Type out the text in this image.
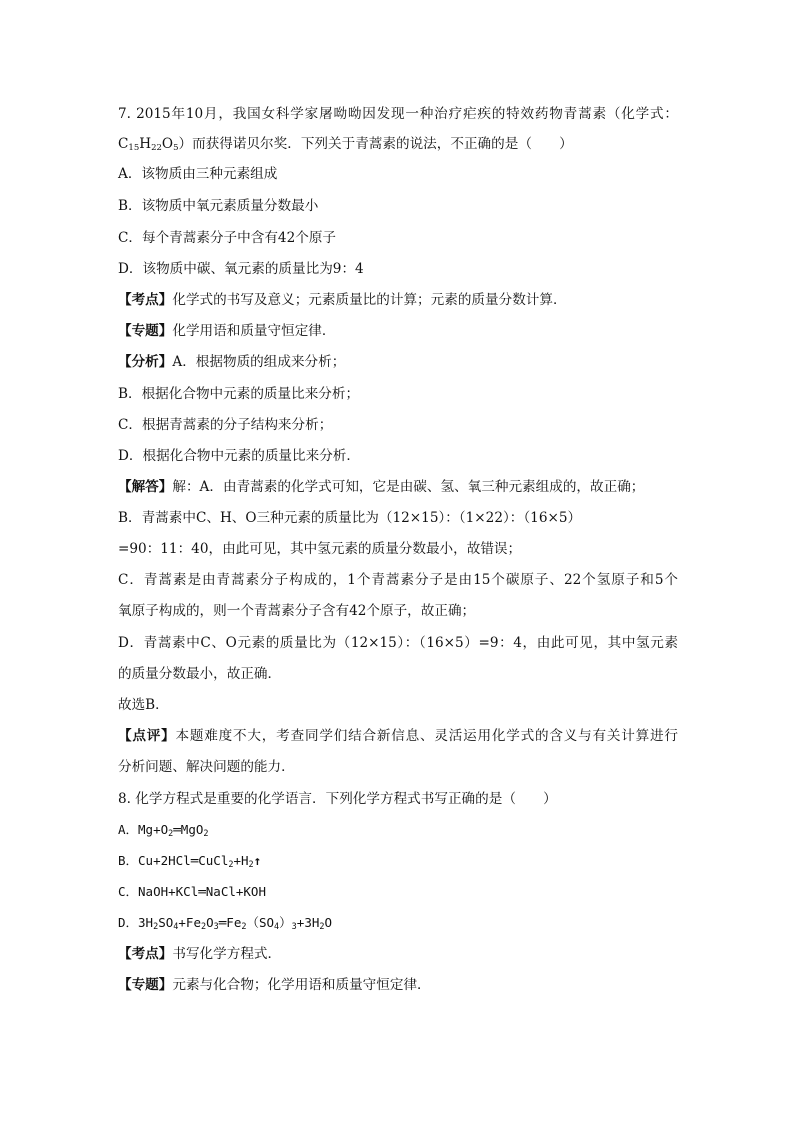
7. 2015年10月，我国女科学家屠呦呦因发现一种治疗疟疾的特效药物青蒿素（化学式：

$C_{15}H_{22}O_5$）而获得诺贝尔奖．下列关于青蒿素的说法，不正确的是（　　）

A．该物质由三种元素组成

B．该物质中氧元素质量分数最小

C．每个青蒿素分子中含有42个原子

D．该物质中碳、氧元素的质量比为9：4

【考点】化学式的书写及意义；元素质量比的计算；元素的质量分数计算．

【专题】化学用语和质量守恒定律．

【分析】A．根据物质的组成来分析；

B．根据化合物中元素的质量比来分析；

C．根据青蒿素的分子结构来分析；

D．根据化合物中元素的质量比来分析．

【解答】解：A．由青蒿素的化学式可知，它是由碳、氢、氧三种元素组成的，故正确；

B．青蒿素中C、H、O三种元素的质量比为（12×15）：（1×22）：（16×5）

=90：11：40，由此可见，其中氢元素的质量分数最小，故错误；

C．青蒿素是由青蒿素分子构成的，1个青蒿素分子是由15个碳原子、22个氢原子和5个

氧原子构成的，则一个青蒿素分子含有42个原子，故正确；

D．青蒿素中C、O元素的质量比为（12×15）：（16×5）=9：4，由此可见，其中氢元素

的质量分数最小，故正确．

故选B．

【点评】本题难度不大，考查同学们结合新信息、灵活运用化学式的含义与有关计算进行

分析问题、解决问题的能力．

8. 化学方程式是重要的化学语言．下列化学方程式书写正确的是（　　）

A．$Mg+O_2═MgO_2$

B．$Cu+2HCl═CuCl_2+H_2↑$

C．NaOH+KCl═NaCl+KOH

D．$3H_2SO_4+Fe_2O_3═Fe_2(SO_4)_3+3H_2O$

【考点】书写化学方程式．

【专题】元素与化合物；化学用语和质量守恒定律．
